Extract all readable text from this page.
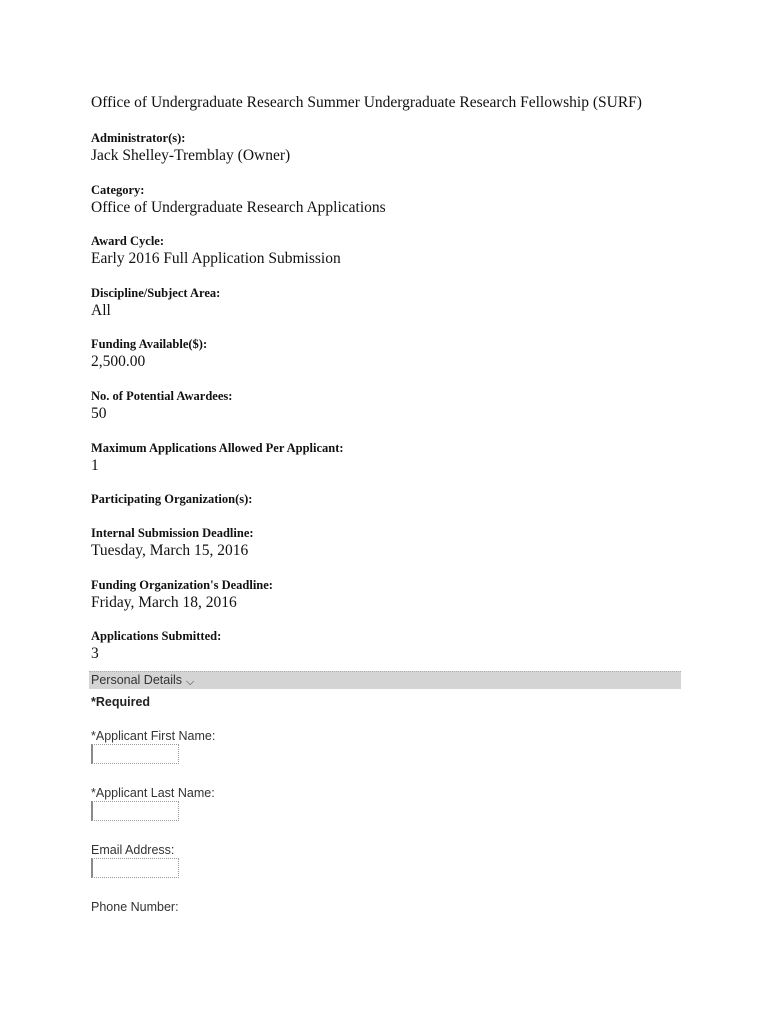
Office of Undergraduate Research Summer Undergraduate Research Fellowship (SURF)
Administrator(s):
Jack Shelley-Tremblay (Owner)
Category:
Office of Undergraduate Research Applications
Award Cycle:
Early 2016 Full Application Submission
Discipline/Subject Area:
All
Funding Available($):
2,500.00
No. of Potential Awardees:
50
Maximum Applications Allowed Per Applicant:
1
Participating Organization(s):
Internal Submission Deadline:
Tuesday, March 15, 2016
Funding Organization's Deadline:
Friday, March 18, 2016
Applications Submitted:
3
Personal Details ⌵
*Required
*Applicant First Name:
*Applicant Last Name:
Email Address:
Phone Number:
